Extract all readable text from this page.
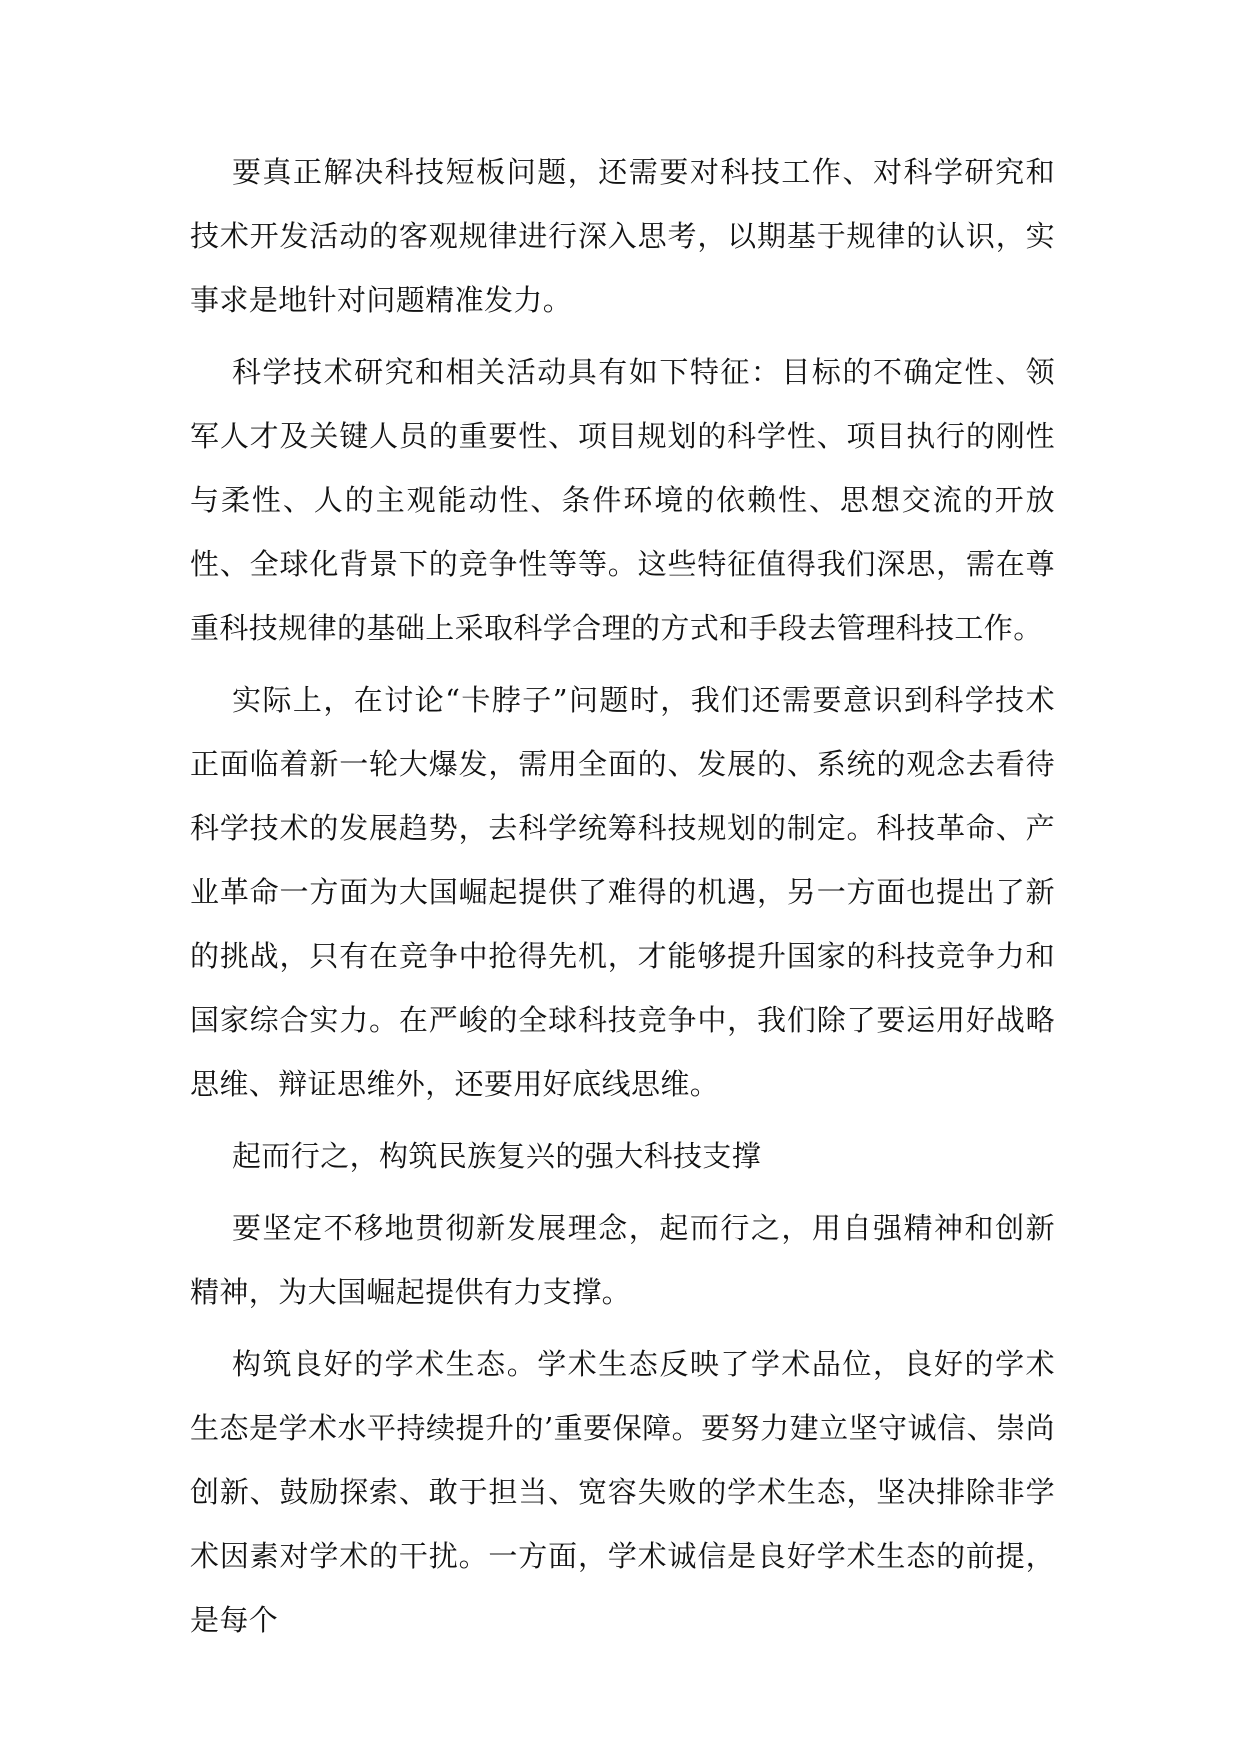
要真正解决科技短板问题，还需要对科技工作、对科学研究和技术开发活动的客观规律进行深入思考，以期基于规律的认识，实事求是地针对问题精准发力。

科学技术研究和相关活动具有如下特征：目标的不确定性、领军人才及关键人员的重要性、项目规划的科学性、项目执行的刚性与柔性、人的主观能动性、条件环境的依赖性、思想交流的开放性、全球化背景下的竞争性等等。这些特征值得我们深思，需在尊重科技规律的基础上采取科学合理的方式和手段去管理科技工作。

实际上，在讨论“卡脖子”问题时，我们还需要意识到科学技术正面临着新一轮大爆发，需用全面的、发展的、系统的观念去看待科学技术的发展趋势，去科学统筹科技规划的制定。科技革命、产业革命一方面为大国崛起提供了难得的机遇，另一方面也提出了新的挑战，只有在竞争中抢得先机，才能够提升国家的科技竞争力和国家综合实力。在严峻的全球科技竞争中，我们除了要运用好战略思维、辩证思维外，还要用好底线思维。

起而行之，构筑民族复兴的强大科技支撑

要坚定不移地贯彻新发展理念，起而行之，用自强精神和创新精神，为大国崛起提供有力支撑。

构筑良好的学术生态。学术生态反映了学术品位，良好的学术生态是学术水平持续提升的’重要保障。要努力建立坚守诚信、崇尚创新、鼓励探索、敢于担当、宽容失败的学术生态，坚决排除非学术因素对学术的干扰。一方面，学术诚信是良好学术生态的前提，是每个
